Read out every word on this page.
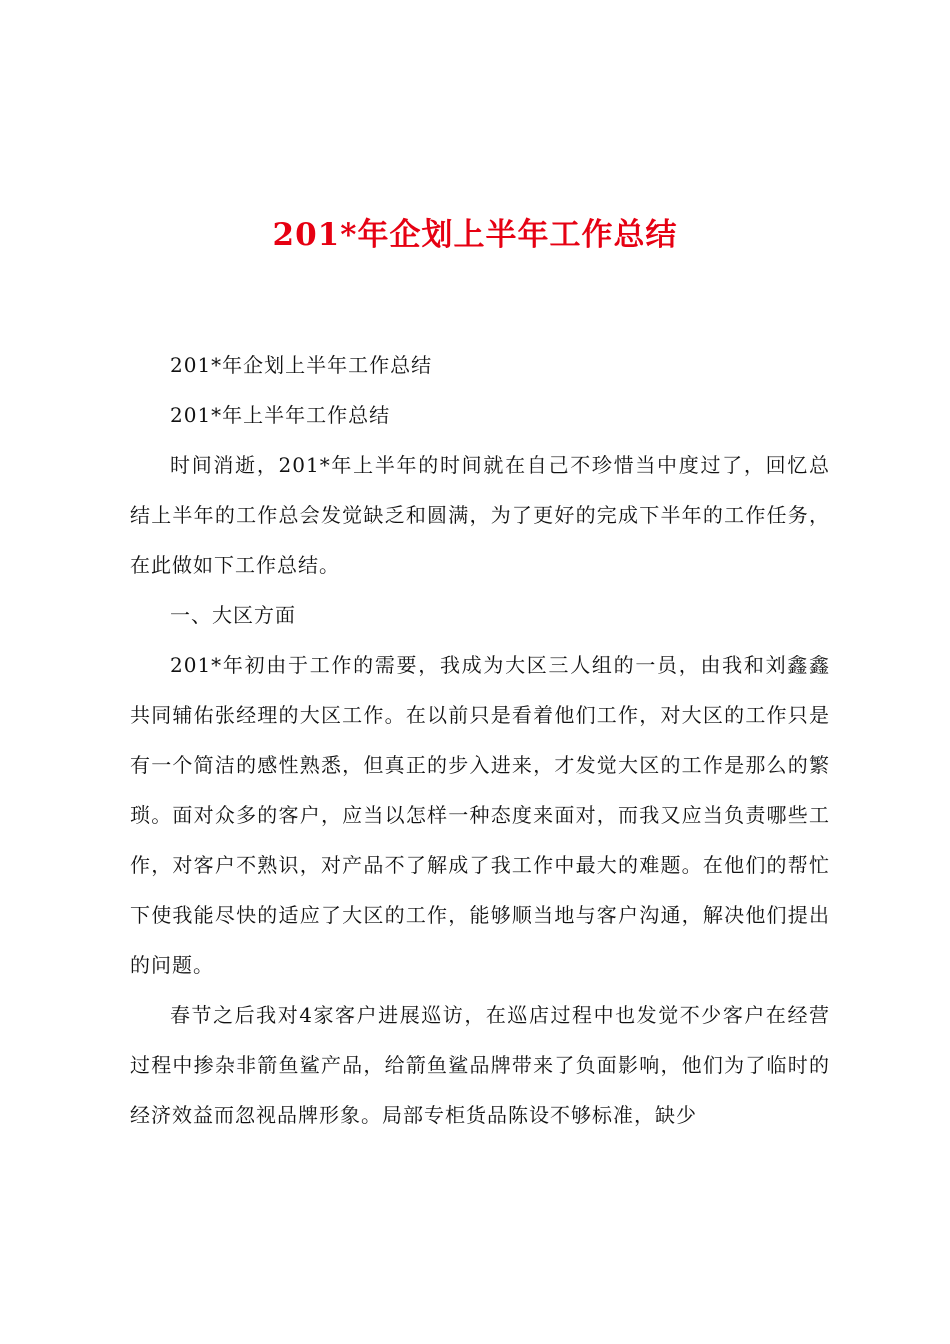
201*年企划上半年工作总结

201*年企划上半年工作总结

201*年上半年工作总结

时间消逝，201*年上半年的时间就在自己不珍惜当中度过了，回忆总结上半年的工作总会发觉缺乏和圆满，为了更好的完成下半年的工作任务，在此做如下工作总结。

一、大区方面

201*年初由于工作的需要，我成为大区三人组的一员，由我和刘鑫鑫共同辅佑张经理的大区工作。在以前只是看着他们工作，对大区的工作只是有一个简洁的感性熟悉，但真正的步入进来，才发觉大区的工作是那么的繁琐。面对众多的客户，应当以怎样一种态度来面对，而我又应当负责哪些工作，对客户不熟识，对产品不了解成了我工作中最大的难题。在他们的帮忙下使我能尽快的适应了大区的工作，能够顺当地与客户沟通，解决他们提出的问题。

春节之后我对4家客户进展巡访，在巡店过程中也发觉不少客户在经营过程中掺杂非箭鱼鲨产品，给箭鱼鲨品牌带来了负面影响，他们为了临时的经济效益而忽视品牌形象。局部专柜货品陈设不够标准，缺少
